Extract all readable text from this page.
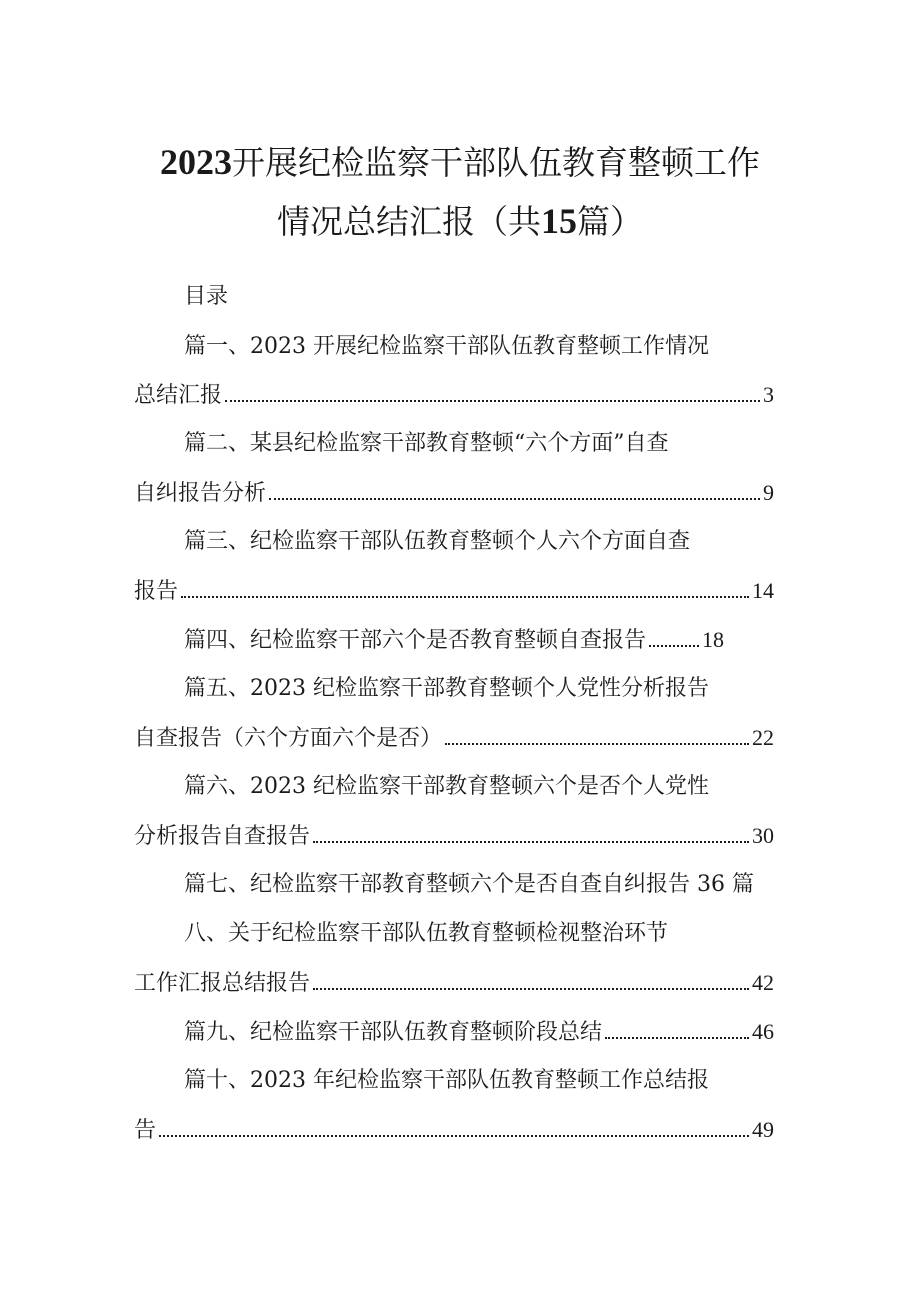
2023开展纪检监察干部队伍教育整顿工作
情况总结汇报（共15篇）
目录
篇一、2023 开展纪检监察干部队伍教育整顿工作情况
总结汇报	3
篇二、某县纪检监察干部教育整顿“六个方面”自查
自纠报告分析	9
篇三、纪检监察干部队伍教育整顿个人六个方面自查
报告	14
篇四、纪检监察干部六个是否教育整顿自查报告	18
篇五、2023 纪检监察干部教育整顿个人党性分析报告
自查报告（六个方面六个是否）	22
篇六、2023 纪检监察干部教育整顿六个是否个人党性
分析报告自查报告	30
篇七、纪检监察干部教育整顿六个是否自查自纠报告 36 篇
八、关于纪检监察干部队伍教育整顿检视整治环节
工作汇报总结报告	42
篇九、纪检监察干部队伍教育整顿阶段总结	46
篇十、2023 年纪检监察干部队伍教育整顿工作总结报
告	49
